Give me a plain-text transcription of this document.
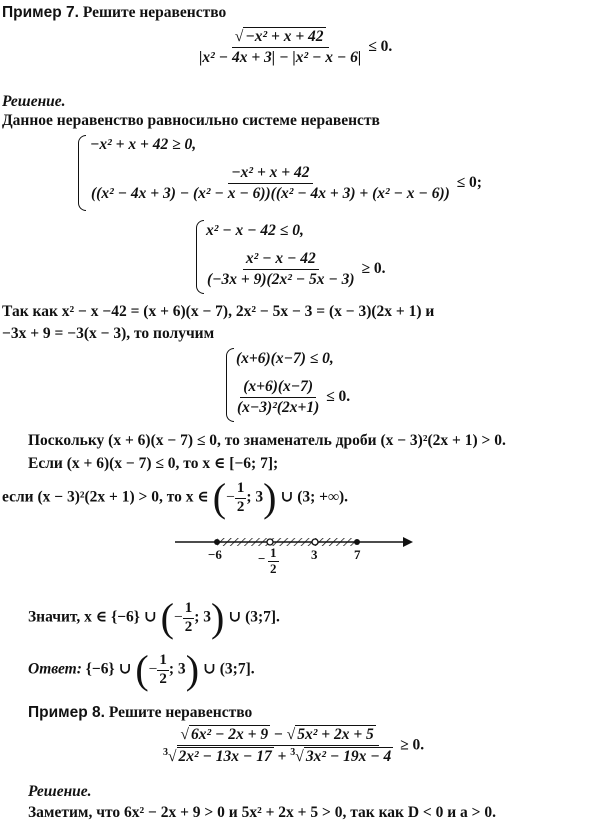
Пример 7. Решите неравенство
$\frac{\text{√ −x² + x + 42}}{\text{|x² − 4x + 3| − |x² − x − 6|}} \le 0$.
Решение.
Данное неравенство равносильно системе неравенств
−x² + x + 42 ≥ 0,
$\frac{\text{−x² + x + 42}}{\text{((x² − 4x + 3) − (x² − x − 6))((x² − 4x + 3) + (x² − x − 6))}} \le 0$;
x² − x − 42 ≤ 0,
$\frac{\text{x² − x − 42}}{\text{(−3x + 9)(2x² − 5x − 3)}} \ge 0$.
Так как x² − x −42 = (x + 6)(x − 7), 2x² − 5x − 3 = (x − 3)(2x + 1) и
−3x + 9 = −3(x − 3), то получим
(x+6)(x−7) ≤ 0,
$\frac{(x+6)(x-7)}{\text{(x−3)²(2x+1)}} \le 0$.
Поскольку (x + 6)(x − 7) ≤ 0, то знаменатель дроби (x − 3)²(2x + 1) > 0.
Если (x + 6)(x − 7) ≤ 0, то x ∈ [−6; 7];
если (x − 3)²(2x + 1) > 0, то x ∈ (− $\frac{1}{2}$ ; 3) ∪ (3; +∞).
−6	− $\frac{1}{2}$	3	7
Значит, x ∈ {−6} ∪ (− $\frac{1}{2}$ ; 3) ∪ (3;7].
Ответ: {−6} ∪ (− $\frac{1}{2}$ ; 3) ∪ (3;7].
Пример 8. Решите неравенство
$\frac{\text{√ 6x² − 2x + 9 − √ 5x² + 2x + 5}}{^3√ 2x^2 - 13x - 17 + ^3√ 3x^2 - 19x - 4} \ge 0$.
Решение.
Заметим, что 6x² − 2x + 9 > 0 и 5x² + 2x + 5 > 0, так как D < 0 и a > 0.
